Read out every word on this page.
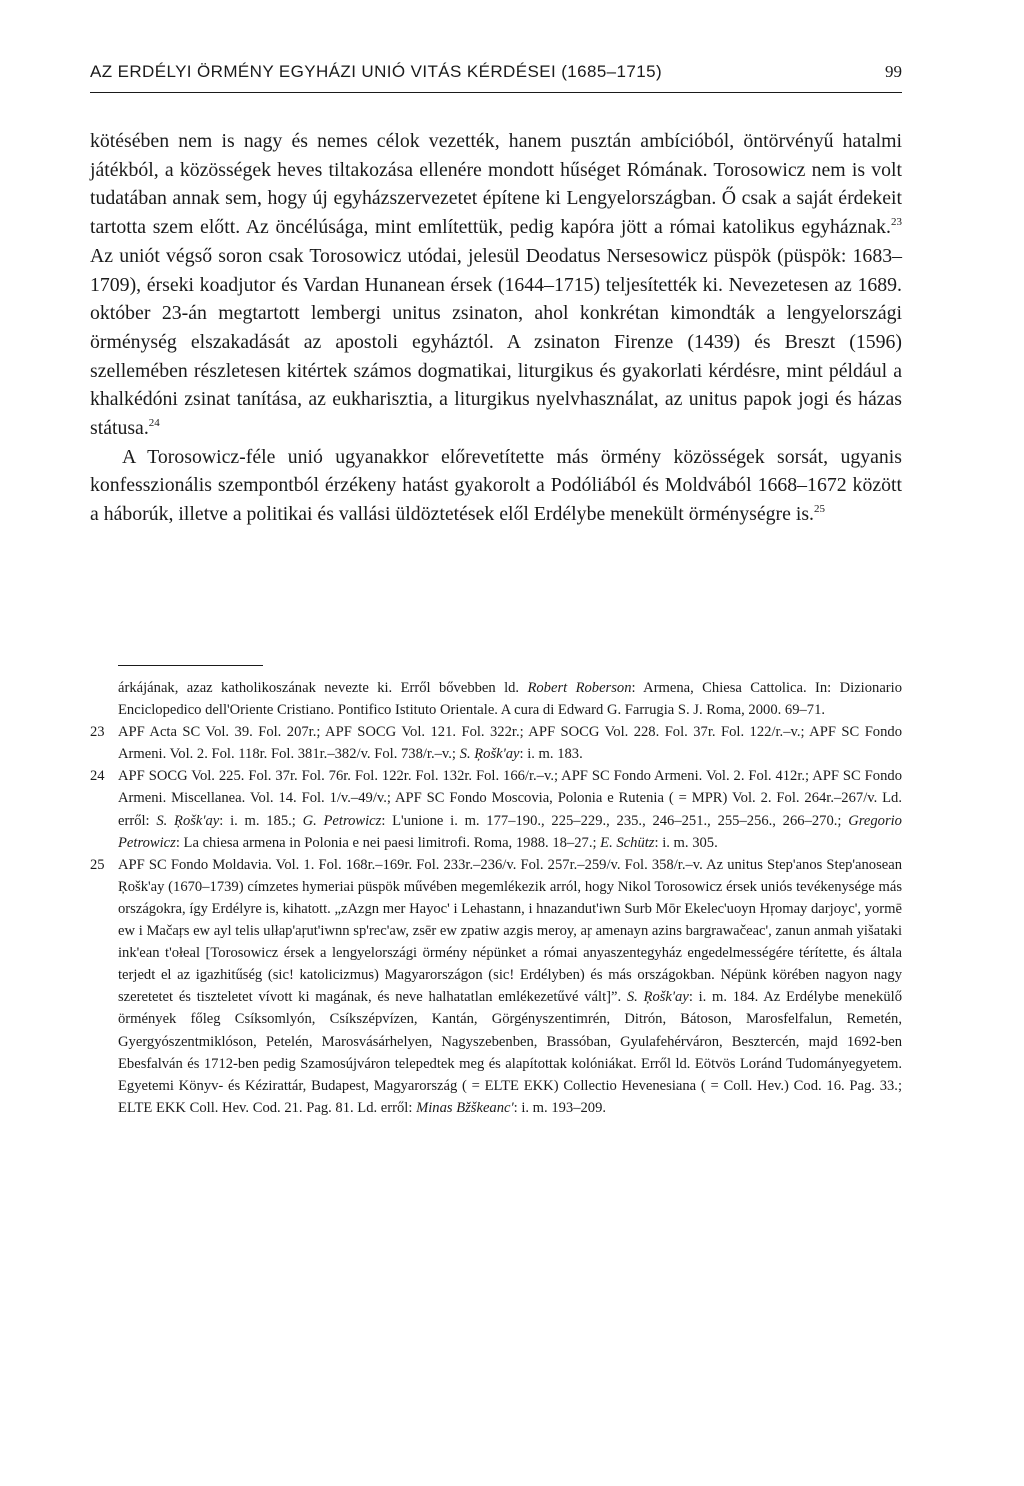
AZ ERDÉLYI ÖRMÉNY EGYHÁZI UNIÓ VITÁS KÉRDÉSEI (1685–1715)	99

kötésében nem is nagy és nemes célok vezették, hanem pusztán ambícióból, öntörvényű hatalmi játékból, a közösségek heves tiltakozása ellenére mondott hűséget Rómának. Torosowicz nem is volt tudatában annak sem, hogy új egyházszervezetet építene ki Lengyelországban. Ő csak a saját érdekeit tartotta szem előtt. Az öncélúsága, mint említettük, pedig kapóra jött a római katolikus egyháznak.$^{23}$ Az uniót végső soron csak Torosowicz utódai, jelesül Deodatus Nersesowicz püspök (püspök: 1683–1709), érseki koadjutor és Vardan Hunanean érsek (1644–1715) teljesítették ki. Nevezetesen az 1689. október 23-án megtartott lembergi unitus zsinaton, ahol konkrétan kimondták a lengyelországi örménység elszakadását az apostoli egyháztól. A zsinaton Firenze (1439) és Breszt (1596) szellemében részletesen kitértek számos dogmatikai, liturgikus és gyakorlati kérdésre, mint például a khalkédóni zsinat tanítása, az eukharisztia, a liturgikus nyelvhasználat, az unitus papok jogi és házas státusa.$^{24}$

A Torosowicz-féle unió ugyanakkor előrevetítette más örmény közösségek sorsát, ugyanis konfesszionális szempontból érzékeny hatást gyakorolt a Podóliából és Moldvából 1668–1672 között a háborúk, illetve a politikai és vallási üldöztetések elől Erdélybe menekült örménységre is.$^{25}$

árkájának, azaz katholikoszának nevezte ki. Erről bővebben ld. Robert Roberson: Armena, Chiesa Cattolica. In: Dizionario Enciclopedico dell'Oriente Cristiano. Pontifico Istituto Orientale. A cura di Edward G. Farrugia S. J. Roma, 2000. 69–71.

23 APF Acta SC Vol. 39. Fol. 207r.; APF SOCG Vol. 121. Fol. 322r.; APF SOCG Vol. 228. Fol. 37r. Fol. 122/r.–v.; APF SC Fondo Armeni. Vol. 2. Fol. 118r. Fol. 381r.–382/v. Fol. 738/r.–v.; S. Ŗošk'ay: i. m. 183.

24 APF SOCG Vol. 225. Fol. 37r. Fol. 76r. Fol. 122r. Fol. 132r. Fol. 166/r.–v.; APF SC Fondo Armeni. Vol. 2. Fol. 412r.; APF SC Fondo Armeni. Miscellanea. Vol. 14. Fol. 1/v.–49/v.; APF SC Fondo Moscovia, Polonia e Rutenia ( = MPR) Vol. 2. Fol. 264r.–267/v. Ld. erről: S. Ŗošk'ay: i. m. 185.; G. Petrowicz: L'unione i. m. 177–190., 225–229., 235., 246–251., 255–256., 266–270.; Gregorio Petrowicz: La chiesa armena in Polonia e nei paesi limitrofi. Roma, 1988. 18–27.; E. Schütz: i. m. 305.

25 APF SC Fondo Moldavia. Vol. 1. Fol. 168r.–169r. Fol. 233r.–236/v. Fol. 257r.–259/v. Fol. 358/r.–v. Az unitus Step'anos Step'anosean Ŗošk'ay (1670–1739) címzetes hymeriai püspök művében megemlékezik arról, hogy Nikol Torosowicz érsek uniós tevékenysége más országokra, így Erdélyre is, kihatott. „zAzgn mer Hayoc' i Lehastann, i hnazandut'iwn Surb Mōr Ekelec'uoyn Hŗomay darjoyc', yormē ew i Mačaŗs ew ayl telis ulłap'aŗut'iwnn sp'rec'aw, zsēr ew zpatiw azgis meroy, aŗ amenayn azins bargrawačeac', zanun anmah yišataki ink'ean t'ołeal [Torosowicz érsek a lengyelországi örmény népünket a római anyaszentegyház engedelmességére térítette, és általa terjedt el az igazhitűség (sic! katolicizmus) Magyarországon (sic! Erdélyben) és más országokban. Népünk körében nagyon nagy szeretetet és tiszteletet vívott ki magának, és neve halhatatlan emlékezetűvé vált]”. S. Ŗošk'ay: i. m. 184. Az Erdélybe menekülő örmények főleg Csíksomlyón, Csíkszépvízen, Kantán, Görgényszentimrén, Ditrón, Bátoson, Marosfelfalun, Remetén, Gyergyószentmiklóson, Petelén, Marosvásárhelyen, Nagyszebenben, Brassóban, Gyulafehérváron, Besztercén, majd 1692-ben Ebesfalván és 1712-ben pedig Szamosújváron telepedtek meg és alapítottak kolóniákat. Erről ld. Eötvös Loránd Tudományegyetem. Egyetemi Könyv- és Kézirattár, Budapest, Magyarország ( = ELTE EKK) Collectio Hevenesiana ( = Coll. Hev.) Cod. 16. Pag. 33.; ELTE EKK Coll. Hev. Cod. 21. Pag. 81. Ld. erről: Minas Bžškeanc': i. m. 193–209.
